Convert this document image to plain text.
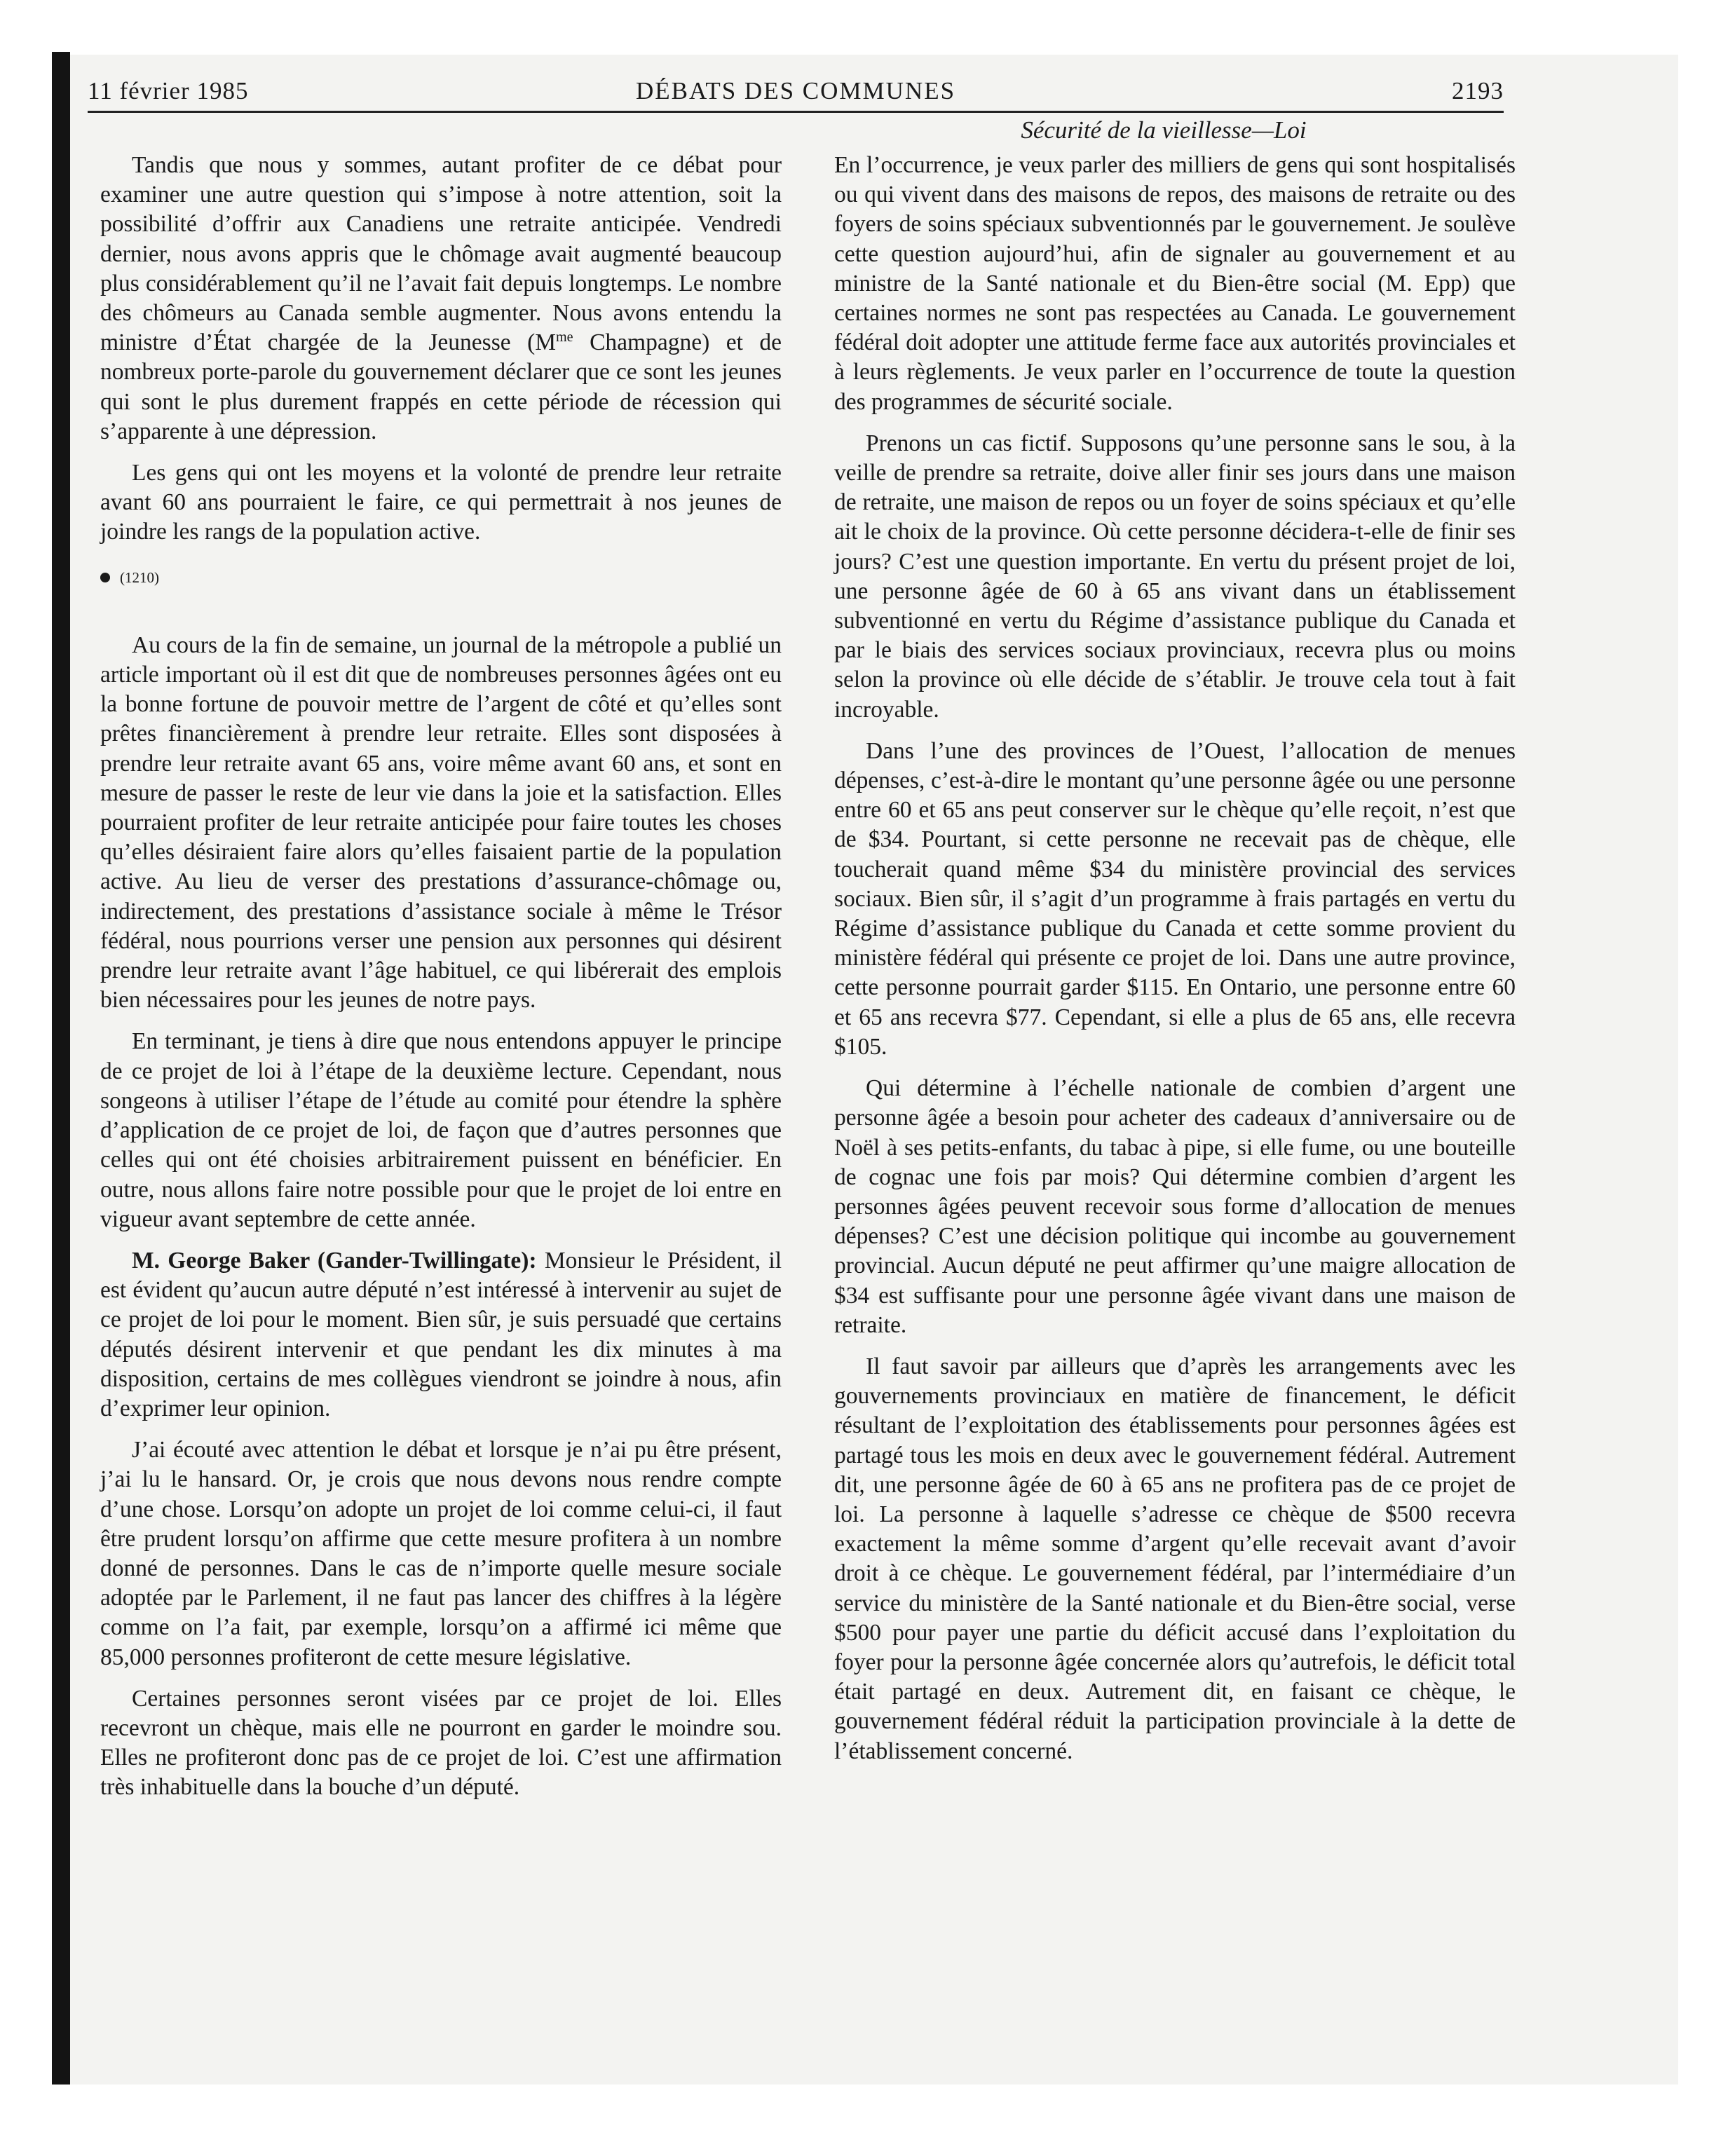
11 février 1985	DÉBATS DES COMMUNES	2193
Sécurité de la vieillesse—Loi

Tandis que nous y sommes, autant profiter de ce débat pour examiner une autre question qui s’impose à notre attention, soit la possibilité d’offrir aux Canadiens une retraite anticipée. Vendredi dernier, nous avons appris que le chômage avait augmenté beaucoup plus considérablement qu’il ne l’avait fait depuis longtemps. Le nombre des chômeurs au Canada semble augmenter. Nous avons entendu la ministre d’État chargée de la Jeunesse ($M^{me}$ Champagne) et de nombreux porte-parole du gouvernement déclarer que ce sont les jeunes qui sont le plus durement frappés en cette période de récession qui s’apparente à une dépression.

Les gens qui ont les moyens et la volonté de prendre leur retraite avant 60 ans pourraient le faire, ce qui permettrait à nos jeunes de joindre les rangs de la population active.

(1210)

Au cours de la fin de semaine, un journal de la métropole a publié un article important où il est dit que de nombreuses personnes âgées ont eu la bonne fortune de pouvoir mettre de l’argent de côté et qu’elles sont prêtes financièrement à prendre leur retraite. Elles sont disposées à prendre leur retraite avant 65 ans, voire même avant 60 ans, et sont en mesure de passer le reste de leur vie dans la joie et la satisfaction. Elles pourraient profiter de leur retraite anticipée pour faire toutes les choses qu’elles désiraient faire alors qu’elles faisaient partie de la population active. Au lieu de verser des prestations d’assurance-chômage ou, indirectement, des prestations d’assistance sociale à même le Trésor fédéral, nous pourrions verser une pension aux personnes qui désirent prendre leur retraite avant l’âge habituel, ce qui libérerait des emplois bien nécessaires pour les jeunes de notre pays.

En terminant, je tiens à dire que nous entendons appuyer le principe de ce projet de loi à l’étape de la deuxième lecture. Cependant, nous songeons à utiliser l’étape de l’étude au comité pour étendre la sphère d’application de ce projet de loi, de façon que d’autres personnes que celles qui ont été choisies arbitrairement puissent en bénéficier. En outre, nous allons faire notre possible pour que le projet de loi entre en vigueur avant septembre de cette année.

M. George Baker (Gander-Twillingate): Monsieur le Président, il est évident qu’aucun autre député n’est intéressé à intervenir au sujet de ce projet de loi pour le moment. Bien sûr, je suis persuadé que certains députés désirent intervenir et que pendant les dix minutes à ma disposition, certains de mes collègues viendront se joindre à nous, afin d’exprimer leur opinion.

J’ai écouté avec attention le débat et lorsque je n’ai pu être présent, j’ai lu le hansard. Or, je crois que nous devons nous rendre compte d’une chose. Lorsqu’on adopte un projet de loi comme celui-ci, il faut être prudent lorsqu’on affirme que cette mesure profitera à un nombre donné de personnes. Dans le cas de n’importe quelle mesure sociale adoptée par le Parlement, il ne faut pas lancer des chiffres à la légère comme on l’a fait, par exemple, lorsqu’on a affirmé ici même que 85,000 personnes profiteront de cette mesure législative.

Certaines personnes seront visées par ce projet de loi. Elles recevront un chèque, mais elle ne pourront en garder le moindre sou. Elles ne profiteront donc pas de ce projet de loi. C’est une affirmation très inhabituelle dans la bouche d’un député.

En l’occurrence, je veux parler des milliers de gens qui sont hospitalisés ou qui vivent dans des maisons de repos, des maisons de retraite ou des foyers de soins spéciaux subventionnés par le gouvernement. Je soulève cette question aujourd’hui, afin de signaler au gouvernement et au ministre de la Santé nationale et du Bien-être social (M. Epp) que certaines normes ne sont pas respectées au Canada. Le gouvernement fédéral doit adopter une attitude ferme face aux autorités provinciales et à leurs règlements. Je veux parler en l’occurrence de toute la question des programmes de sécurité sociale.

Prenons un cas fictif. Supposons qu’une personne sans le sou, à la veille de prendre sa retraite, doive aller finir ses jours dans une maison de retraite, une maison de repos ou un foyer de soins spéciaux et qu’elle ait le choix de la province. Où cette personne décidera-t-elle de finir ses jours? C’est une question importante. En vertu du présent projet de loi, une personne âgée de 60 à 65 ans vivant dans un établissement subventionné en vertu du Régime d’assistance publique du Canada et par le biais des services sociaux provinciaux, recevra plus ou moins selon la province où elle décide de s’établir. Je trouve cela tout à fait incroyable.

Dans l’une des provinces de l’Ouest, l’allocation de menues dépenses, c’est-à-dire le montant qu’une personne âgée ou une personne entre 60 et 65 ans peut conserver sur le chèque qu’elle reçoit, n’est que de $34. Pourtant, si cette personne ne recevait pas de chèque, elle toucherait quand même $34 du ministère provincial des services sociaux. Bien sûr, il s’agit d’un programme à frais partagés en vertu du Régime d’assistance publique du Canada et cette somme provient du ministère fédéral qui présente ce projet de loi. Dans une autre province, cette personne pourrait garder $115. En Ontario, une personne entre 60 et 65 ans recevra $77. Cependant, si elle a plus de 65 ans, elle recevra $105.

Qui détermine à l’échelle nationale de combien d’argent une personne âgée a besoin pour acheter des cadeaux d’anniversaire ou de Noël à ses petits-enfants, du tabac à pipe, si elle fume, ou une bouteille de cognac une fois par mois? Qui détermine combien d’argent les personnes âgées peuvent recevoir sous forme d’allocation de menues dépenses? C’est une décision politique qui incombe au gouvernement provincial. Aucun député ne peut affirmer qu’une maigre allocation de $34 est suffisante pour une personne âgée vivant dans une maison de retraite.

Il faut savoir par ailleurs que d’après les arrangements avec les gouvernements provinciaux en matière de financement, le déficit résultant de l’exploitation des établissements pour personnes âgées est partagé tous les mois en deux avec le gouvernement fédéral. Autrement dit, une personne âgée de 60 à 65 ans ne profitera pas de ce projet de loi. La personne à laquelle s’adresse ce chèque de $500 recevra exactement la même somme d’argent qu’elle recevait avant d’avoir droit à ce chèque. Le gouvernement fédéral, par l’intermédiaire d’un service du ministère de la Santé nationale et du Bien-être social, verse $500 pour payer une partie du déficit accusé dans l’exploitation du foyer pour la personne âgée concernée alors qu’autrefois, le déficit total était partagé en deux. Autrement dit, en faisant ce chèque, le gouvernement fédéral réduit la participation provinciale à la dette de l’établissement concerné.
